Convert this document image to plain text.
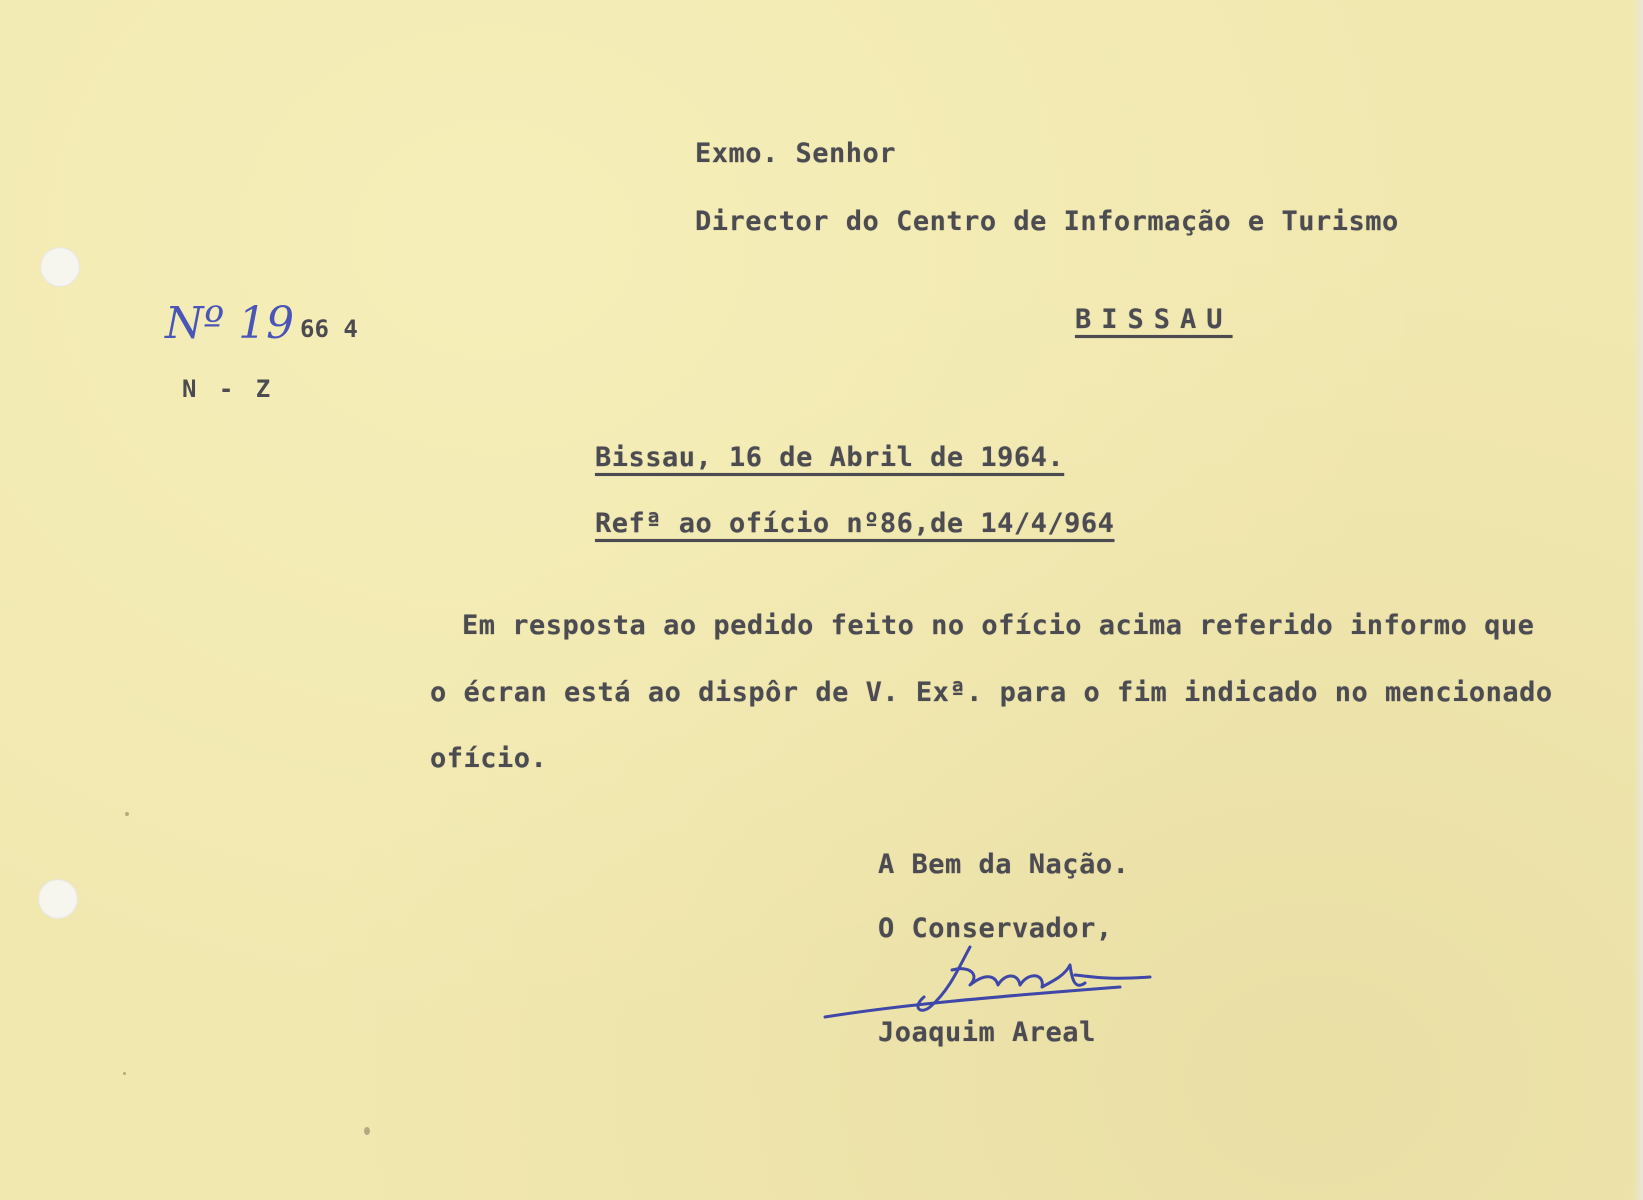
Exmo. Senhor
Director do Centro de Informação e Turismo
BISSAU
Nº 19 66 4
N - Z
Bissau, 16 de Abril de 1964.
Refª ao ofício nº86,de 14/4/964
Em resposta ao pedido feito no ofício acima referido informo que
o écran está ao dispôr de V. Exª. para o fim indicado no mencionado
ofício.
A Bem da Nação.
O Conservador,
Joaquim Areal
